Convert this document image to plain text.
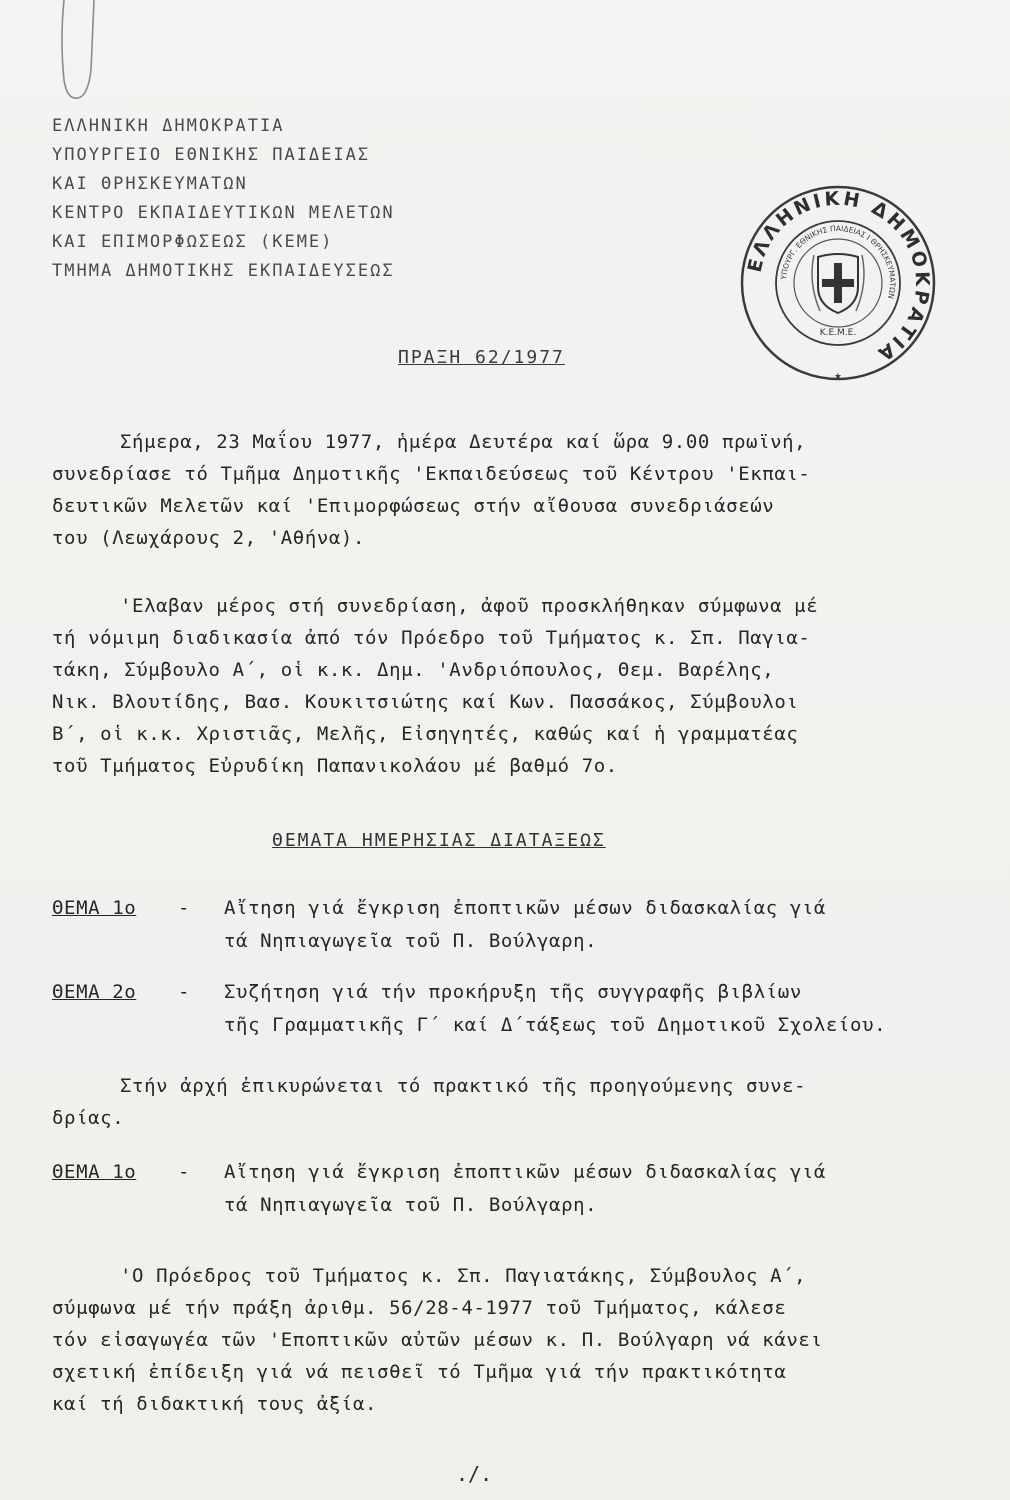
ΕΛΛΗΝΙΚΗ ΔΗΜΟΚΡΑΤΙΑ
ΥΠΟΥΡΓΕΙΟ ΕΘΝΙΚΗΣ ΠΑΙΔΕΙΑΣ
ΚΑΙ ΘΡΗΣΚΕΥΜΑΤΩΝ
ΚΕΝΤΡΟ ΕΚΠΑΙΔΕΥΤΙΚΩΝ ΜΕΛΕΤΩΝ
ΚΑΙ ΕΠΙΜΟΡΦΩΣΕΩΣ (ΚΕΜΕ)
ΤΜΗΜΑ ΔΗΜΟΤΙΚΗΣ ΕΚΠΑΙΔΕΥΣΕΩΣ	ΕΛΛΗΝΙΚΗ ΔΗΜΟΚΡΑΤΙΑ
ΥΠΟΥΡΓ. ΕΘΝΙΚΗΣ ΠΑΙΔΕΙΑΣ Ι ΘΡΗΣΚΕΥΜΑΤΩΝ
Κ.Ε.Μ.Ε.
★
ΠΡΑΞΗ 62/1977
Σήμερα, 23 Μαΐου 1977, ἡμέρα Δευτέρα καί ὥρα 9.00 πρωϊνή,
συνεδρίασε τό Τμῆμα Δημοτικῆς 'Εκπαιδεύσεως τοῦ Κέντρου 'Εκπαι-
δευτικῶν Μελετῶν καί 'Επιμορφώσεως στήν αἴθουσα συνεδριάσεών
του (Λεωχάρους 2, 'Αθήνα).
'Ελαβαν μέρος στή συνεδρίαση, ἀφοῦ προσκλήθηκαν σύμφωνα μέ
τή νόμιμη διαδικασία ἀπό τόν Πρόεδρο τοῦ Τμήματος κ. Σπ. Παγια-
τάκη, Σύμβουλο Α΄, οἱ κ.κ. Δημ. 'Ανδριόπουλος, Θεμ. Βαρέλης,
Νικ. Βλουτίδης, Βασ. Κουκιτσιώτης καί Κων. Πασσάκος, Σύμβουλοι
Β΄, οἱ κ.κ. Χριστιᾶς, Μελῆς, Εἰσηγητές, καθώς καί ἡ γραμματέας
τοῦ Τμήματος Εὐρυδίκη Παπανικολάου μέ βαθμό 7ο.
ΘΕΜΑΤΑ ΗΜΕΡΗΣΙΑΣ ΔΙΑΤΑΞΕΩΣ
ΘΕΜΑ 1ο - Αἴτηση γιά ἔγκριση ἐποπτικῶν μέσων διδασκαλίας γιά
τά Νηπιαγωγεῖα τοῦ Π. Βούλγαρη.
ΘΕΜΑ 2ο - Συζήτηση γιά τήν προκήρυξη τῆς συγγραφῆς βιβλίων
τῆς Γραμματικῆς Γ΄ καί Δ΄τάξεως τοῦ Δημοτικοῦ Σχολείου.
Στήν ἀρχή ἐπικυρώνεται τό πρακτικό τῆς προηγούμενης συνε-
δρίας.
ΘΕΜΑ 1ο - Αἴτηση γιά ἔγκριση ἐποπτικῶν μέσων διδασκαλίας γιά
τά Νηπιαγωγεῖα τοῦ Π. Βούλγαρη.
'Ο Πρόεδρος τοῦ Τμήματος κ. Σπ. Παγιατάκης, Σύμβουλος Α΄,
σύμφωνα μέ τήν πράξη ἀριθμ. 56/28-4-1977 τοῦ Τμήματος, κάλεσε
τόν εἰσαγωγέα τῶν 'Εποπτικῶν αὐτῶν μέσων κ. Π. Βούλγαρη νά κάνει
σχετική ἐπίδειξη γιά νά πεισθεῖ τό Τμῆμα γιά τήν πρακτικότητα
καί τή διδακτική τους ἀξία.
./.
